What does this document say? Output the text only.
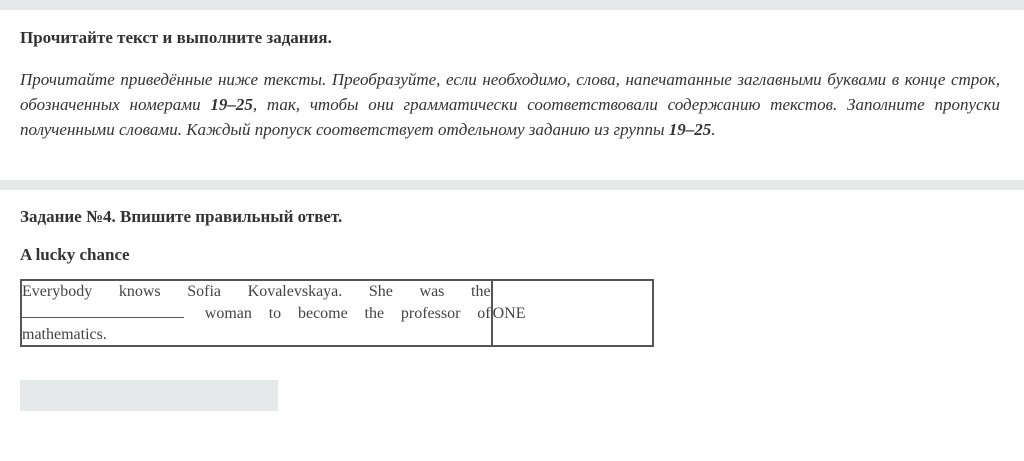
Прочитайте текст и выполните задания.

Прочитайте приведённые ниже тексты. Преобразуйте, если необходимо, слова, напечатанные заглавными буквами в конце строк, обозначенных номерами 19–25, так, чтобы они грамматически соответствовали содержанию текстов. Заполните пропуски полученными словами. Каждый пропуск соответствует отдельному заданию из группы 19–25.

Задание №4. Впишите правильный ответ.

A lucky chance

Everybody knows Sofia Kovalevskaya. She was the  woman to become the professor of mathematics.	ONE
